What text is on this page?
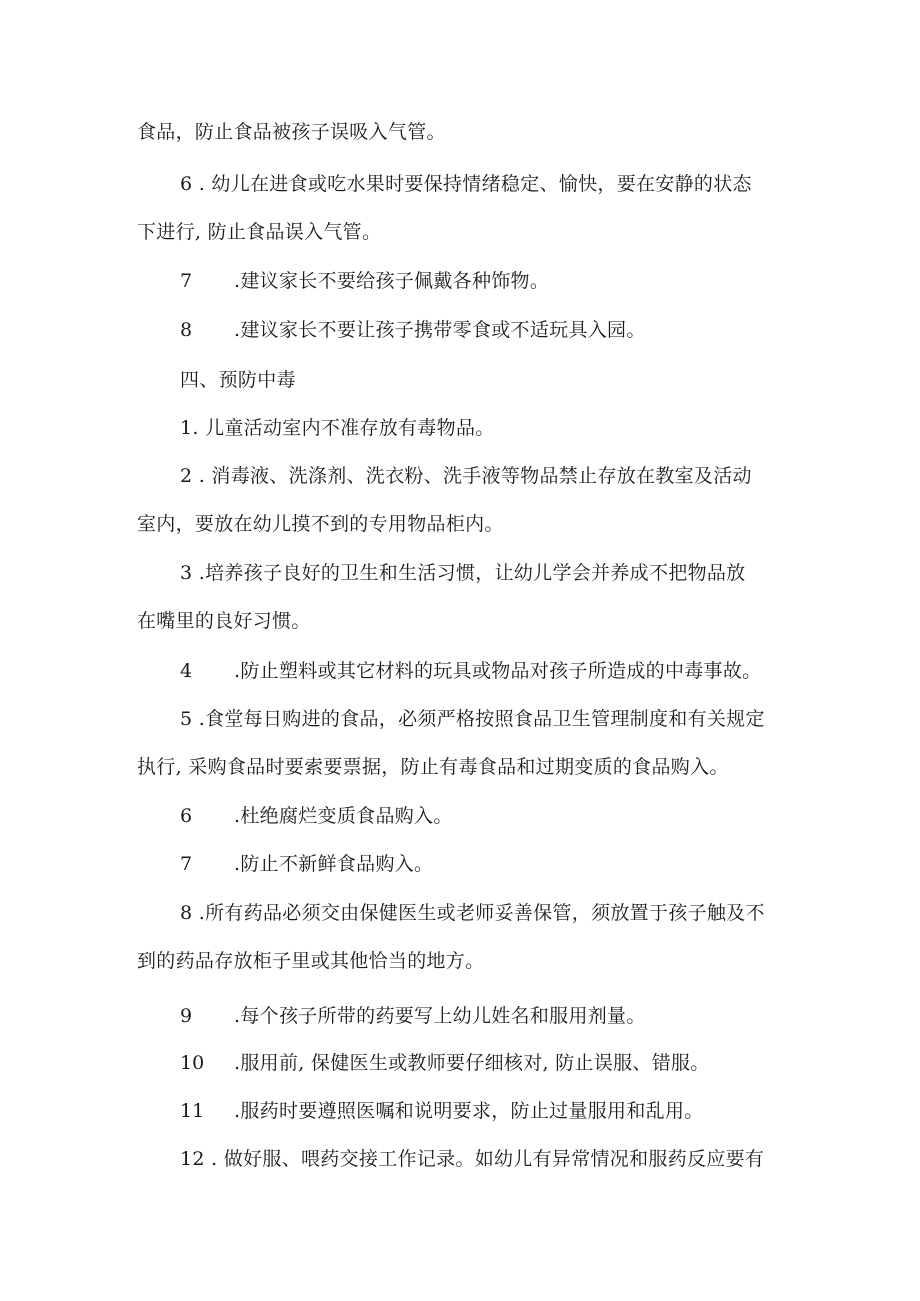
食品，防止食品被孩子误吸入气管。
6 . 幼儿在进食或吃水果时要保持情绪稳定、愉快，要在安静的状态
下进行, 防止食品误入气管。
7 .建议家长不要给孩子佩戴各种饰物。
8 .建议家长不要让孩子携带零食或不适玩具入园。
四、预防中毒
1. 儿童活动室内不准存放有毒物品。
2 . 消毒液、洗涤剂、洗衣粉、洗手液等物品禁止存放在教室及活动
室内，要放在幼儿摸不到的专用物品柜内。
3 .培养孩子良好的卫生和生活习惯，让幼儿学会并养成不把物品放
在嘴里的良好习惯。
4 .防止塑料或其它材料的玩具或物品对孩子所造成的中毒事故。
5 .食堂每日购进的食品，必须严格按照食品卫生管理制度和有关规定
执行, 采购食品时要索要票据，防止有毒食品和过期变质的食品购入。
6 .杜绝腐烂变质食品购入。
7 .防止不新鲜食品购入。
8 .所有药品必须交由保健医生或老师妥善保管，须放置于孩子触及不
到的药品存放柜子里或其他恰当的地方。
9 .每个孩子所带的药要写上幼儿姓名和服用剂量。
10 .服用前, 保健医生或教师要仔细核对, 防止误服、错服。
11 .服药时要遵照医嘱和说明要求，防止过量服用和乱用。
12 . 做好服、喂药交接工作记录。如幼儿有异常情况和服药反应要有
